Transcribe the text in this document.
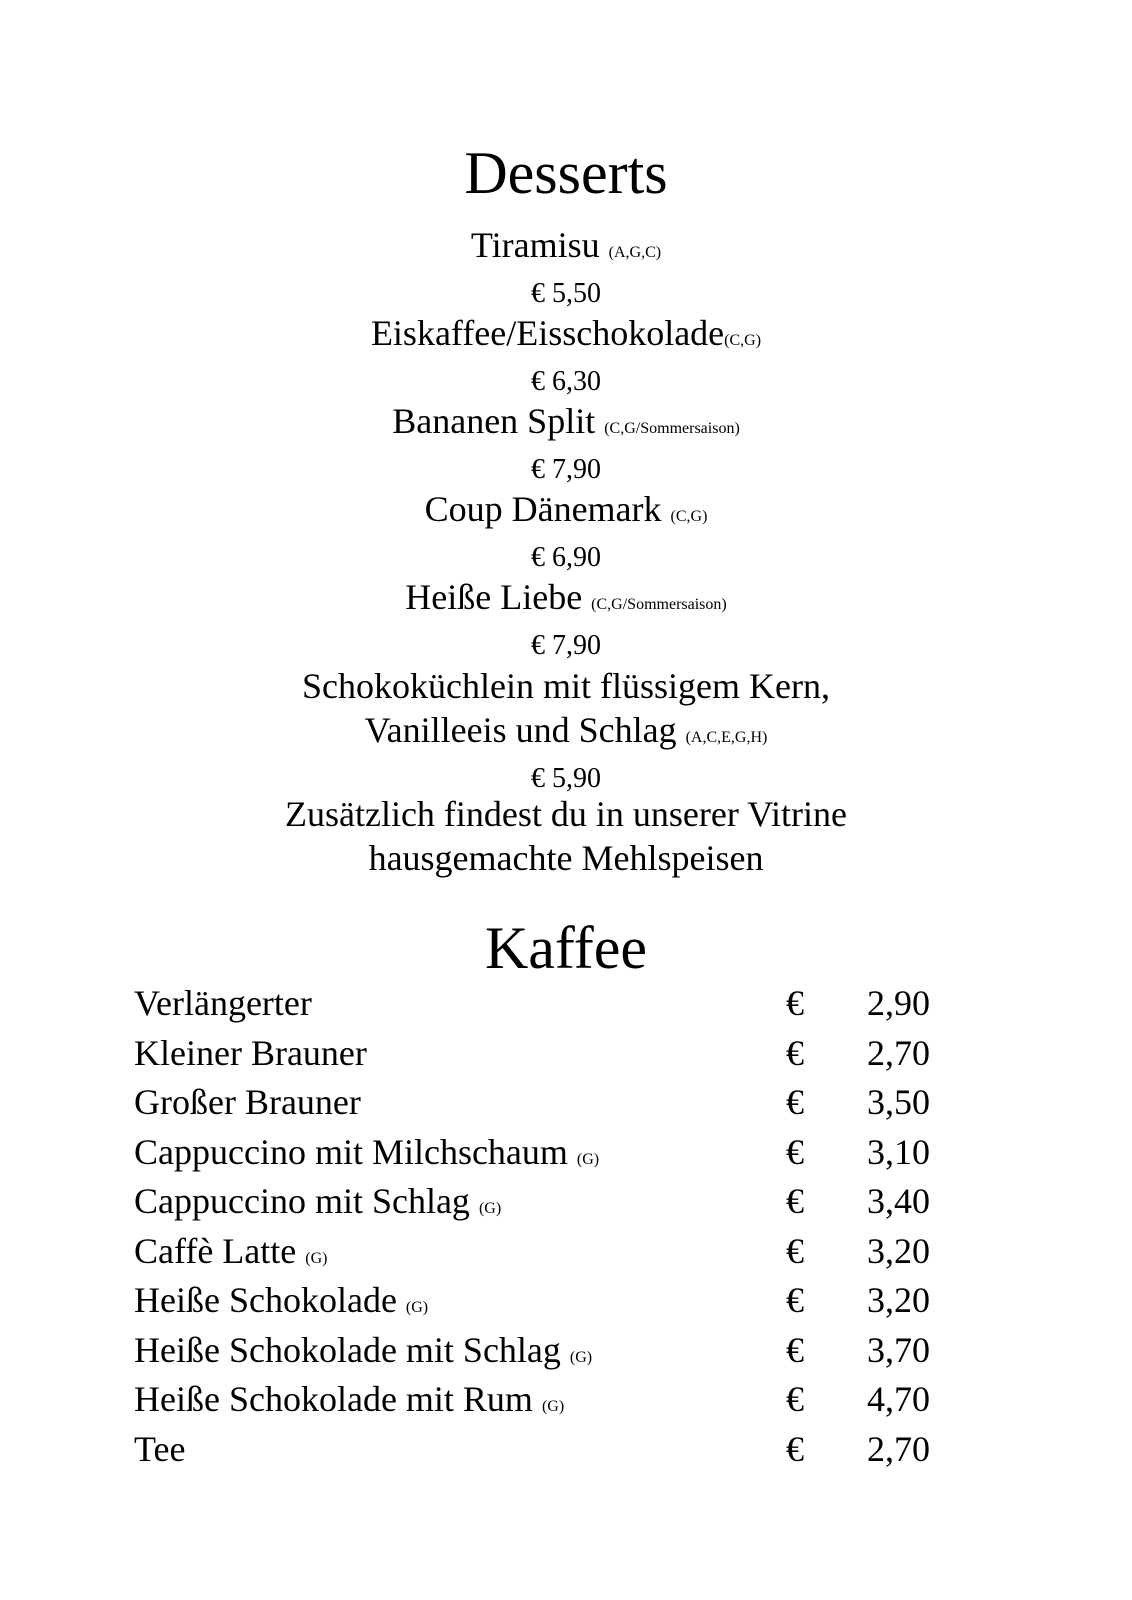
Desserts
Tiramisu (A,G,C)
€ 5,50
Eiskaffee/Eisschokolade(C,G)
€ 6,30
Bananen Split (C,G/Sommersaison)
€ 7,90
Coup Dänemark (C,G)
€ 6,90
Heiße Liebe (C,G/Sommersaison)
€ 7,90
Schokoküchlein mit flüssigem Kern,
Vanilleeis und Schlag (A,C,E,G,H)
€ 5,90
Zusätzlich findest du in unserer Vitrine
hausgemachte Mehlspeisen
Kaffee
Verlängerter	€ 2,90
Kleiner Brauner	€ 2,70
Großer Brauner	€ 3,50
Cappuccino mit Milchschaum (G)	€ 3,10
Cappuccino mit Schlag (G)	€ 3,40
Caffè Latte (G)	€ 3,20
Heiße Schokolade (G)	€ 3,20
Heiße Schokolade mit Schlag (G)	€ 3,70
Heiße Schokolade mit Rum (G)	€ 4,70
Tee	€ 2,70
